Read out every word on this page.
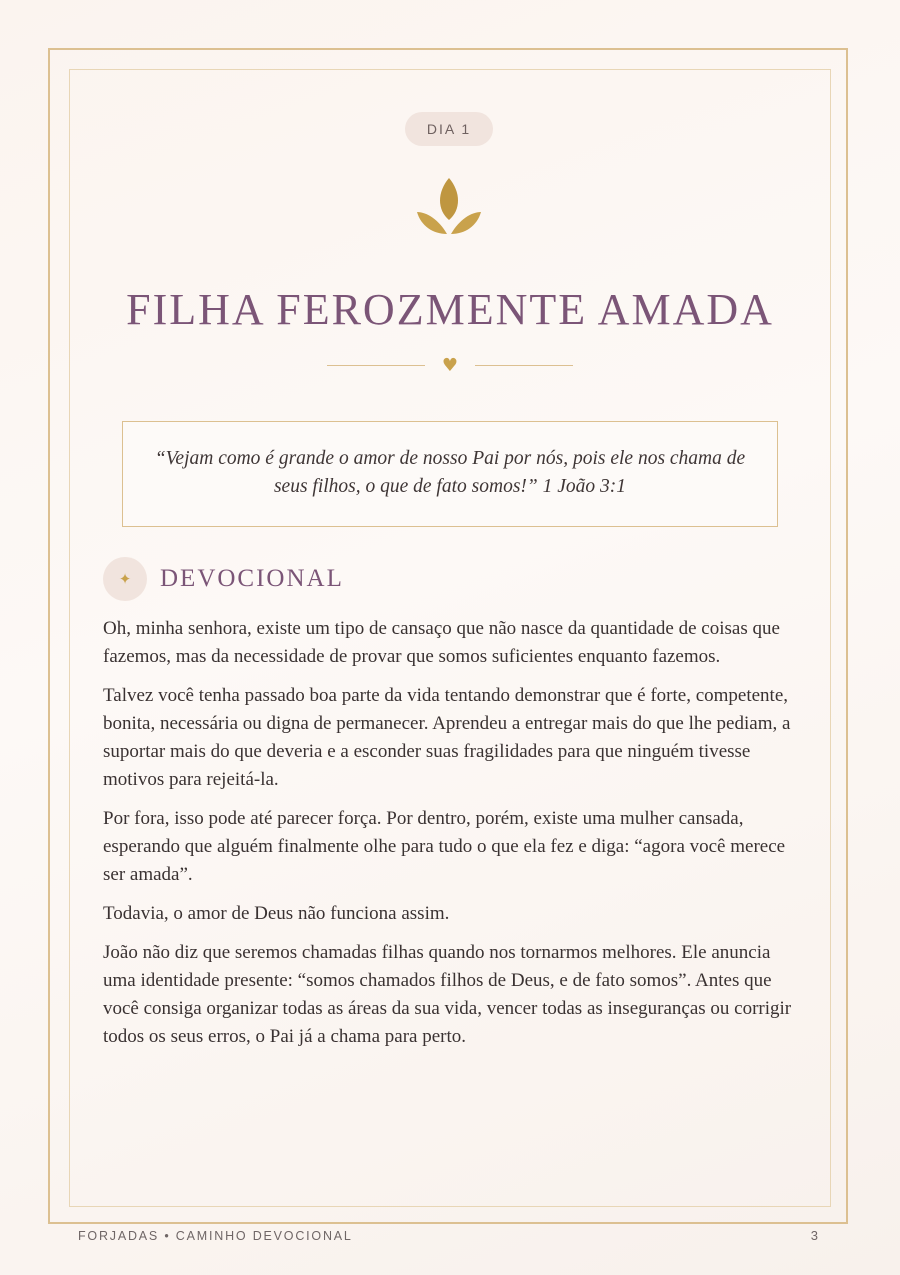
DIA 1
FILHA FEROZMENTE AMADA
♥
“Vejam como é grande o amor de nosso Pai por nós, pois ele nos chama de seus filhos, o que de fato somos!” 1 João 3:1
✦	DEVOCIONAL

Oh, minha senhora, existe um tipo de cansaço que não nasce da quantidade de coisas que fazemos, mas da necessidade de provar que somos suficientes enquanto fazemos.

Talvez você tenha passado boa parte da vida tentando demonstrar que é forte, competente, bonita, necessária ou digna de permanecer. Aprendeu a entregar mais do que lhe pediam, a suportar mais do que deveria e a esconder suas fragilidades para que ninguém tivesse motivos para rejeitá-la.

Por fora, isso pode até parecer força. Por dentro, porém, existe uma mulher cansada, esperando que alguém finalmente olhe para tudo o que ela fez e diga: “agora você merece ser amada”.

Todavia, o amor de Deus não funciona assim.

João não diz que seremos chamadas filhas quando nos tornarmos melhores. Ele anuncia uma identidade presente: “somos chamados filhos de Deus, e de fato somos”. Antes que você consiga organizar todas as áreas da sua vida, vencer todas as inseguranças ou corrigir todos os seus erros, o Pai já a chama para perto.

FORJADAS • CAMINHO DEVOCIONAL	3
